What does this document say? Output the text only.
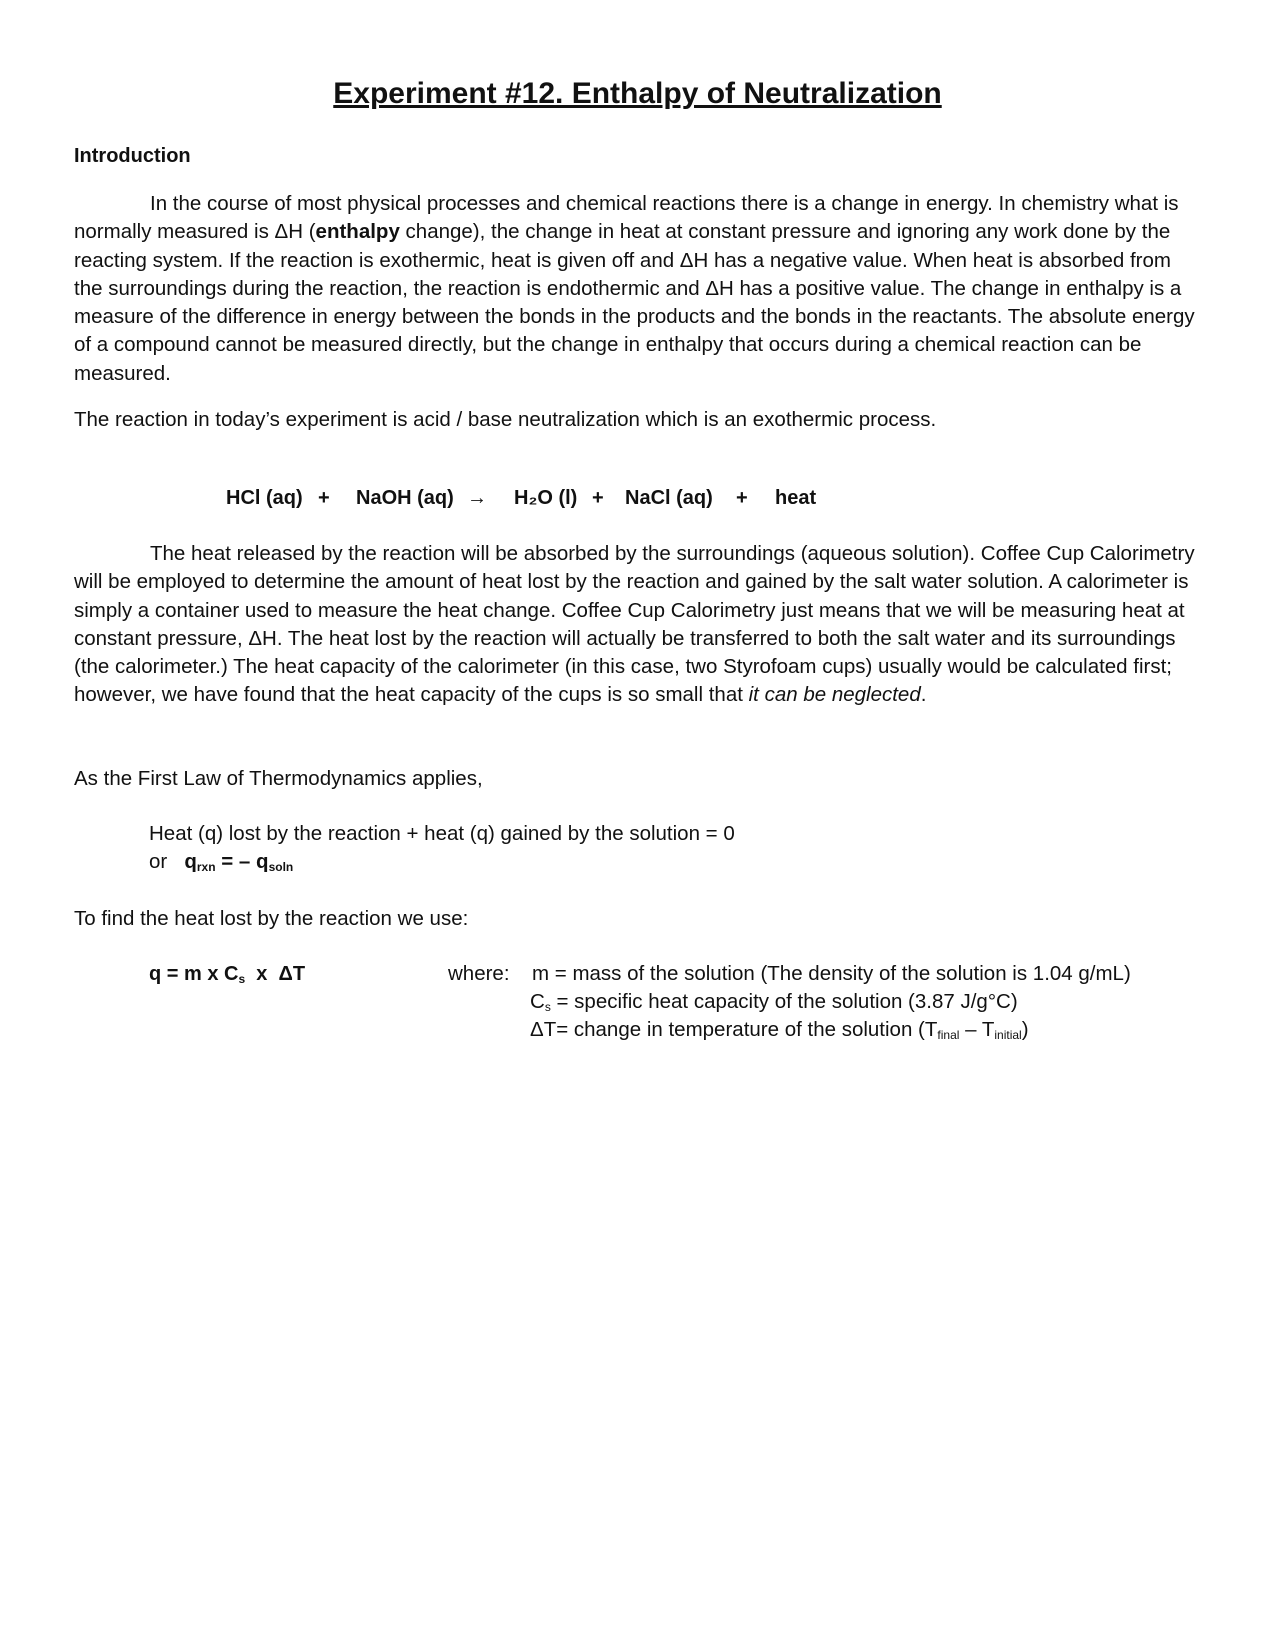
Experiment #12. Enthalpy of Neutralization
Introduction

In the course of most physical processes and chemical reactions there is a change in energy. In chemistry what is normally measured is ΔH (enthalpy change), the change in heat at constant pressure and ignoring any work done by the reacting system. If the reaction is exothermic, heat is given off and ΔH has a negative value. When heat is absorbed from the surroundings during the reaction, the reaction is endothermic and ΔH has a positive value. The change in enthalpy is a measure of the difference in energy between the bonds in the products and the bonds in the reactants. The absolute energy of a compound cannot be measured directly, but the change in enthalpy that occurs during a chemical reaction can be measured.

The reaction in today’s experiment is acid / base neutralization which is an exothermic process.

HCl (aq) + NaOH (aq) → H₂O (l) + NaCl (aq) + heat

The heat released by the reaction will be absorbed by the surroundings (aqueous solution). Coffee Cup Calorimetry will be employed to determine the amount of heat lost by the reaction and gained by the salt water solution. A calorimeter is simply a container used to measure the heat change. Coffee Cup Calorimetry just means that we will be measuring heat at constant pressure, ΔH. The heat lost by the reaction will actually be transferred to both the salt water and its surroundings (the calorimeter.) The heat capacity of the calorimeter (in this case, two Styrofoam cups) usually would be calculated first; however, we have found that the heat capacity of the cups is so small that it can be neglected.

As the First Law of Thermodynamics applies,

Heat (q) lost by the reaction + heat (q) gained by the solution = 0

or $q_{rxn}$ = – $q_{soln}$

To find the heat lost by the reaction we use:

q = m x $C_s$  x  ΔT	where: m = mass of the solution (The density of the solution is 1.04 g/mL)
$C_s$ = specific heat capacity of the solution (3.87 J/g°C)
ΔT= change in temperature of the solution $(T_{final} - T_{initial})$
